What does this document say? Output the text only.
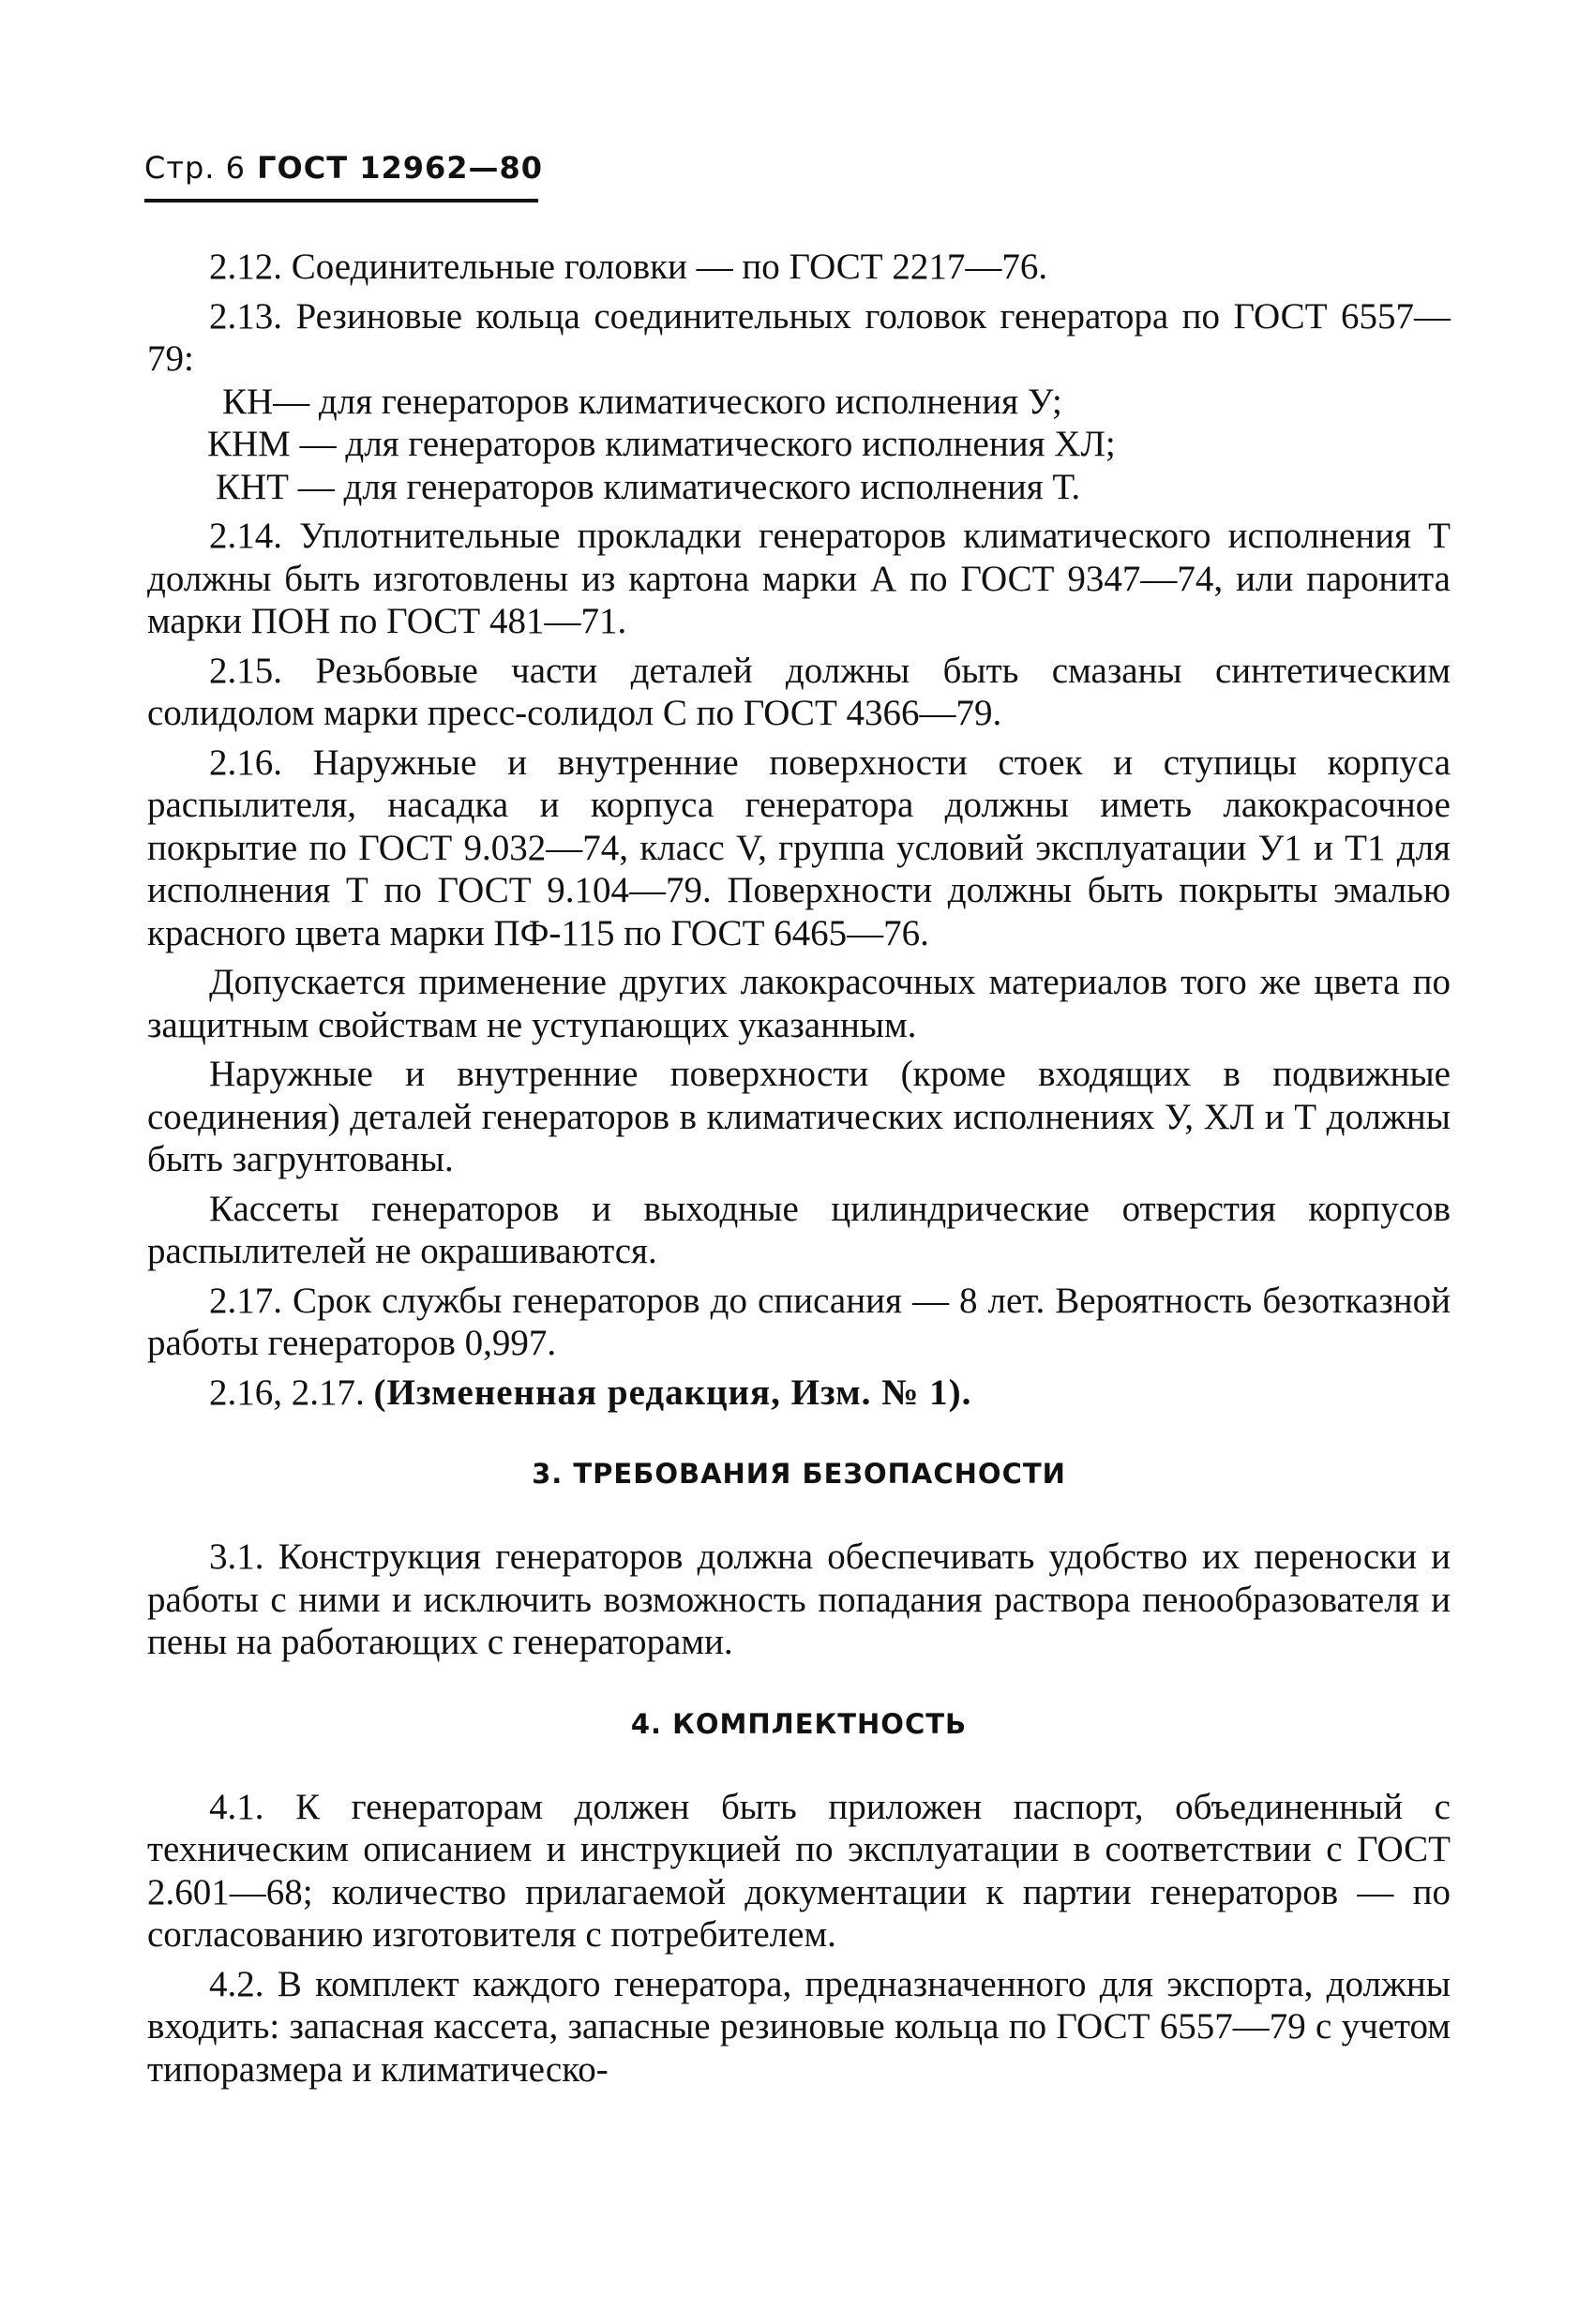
Стр. 6 ГОСТ 12962—80

2.12. Соединительные головки — по ГОСТ 2217—76.

2.13. Резиновые кольца соединительных головок генератора по ГОСТ 6557—79:

КН— для генераторов климатического исполнения У;

КНМ — для генераторов климатического исполнения ХЛ;

КНТ — для генераторов климатического исполнения Т.

2.14. Уплотнительные прокладки генераторов климатического исполнения Т должны быть изготовлены из картона марки А по ГОСТ 9347—74, или паронита марки ПОН по ГОСТ 481—71.

2.15. Резьбовые части деталей должны быть смазаны синтетическим солидолом марки пресс-солидол С по ГОСТ 4366—79.

2.16. Наружные и внутренние поверхности стоек и ступицы корпуса распылителя, насадка и корпуса генератора должны иметь лакокрасочное покрытие по ГОСТ 9.032—74, класс V, группа условий эксплуатации У1 и Т1 для исполнения Т по ГОСТ 9.104—79. Поверхности должны быть покрыты эмалью красного цвета марки ПФ-115 по ГОСТ 6465—76.

Допускается применение других лакокрасочных материалов того же цвета по защитным свойствам не уступающих указанным.

Наружные и внутренние поверхности (кроме входящих в подвижные соединения) деталей генераторов в климатических исполнениях У, ХЛ и Т должны быть загрунтованы.

Кассеты генераторов и выходные цилиндрические отверстия корпусов распылителей не окрашиваются.

2.17. Срок службы генераторов до списания — 8 лет. Вероятность безотказной работы генераторов 0,997.

2.16, 2.17. (Измененная редакция, Изм. № 1).

3. ТРЕБОВАНИЯ БЕЗОПАСНОСТИ

3.1. Конструкция генераторов должна обеспечивать удобство их переноски и работы с ними и исключить возможность попадания раствора пенообразователя и пены на работающих с генераторами.

4. КОМПЛЕКТНОСТЬ

4.1. К генераторам должен быть приложен паспорт, объединенный с техническим описанием и инструкцией по эксплуатации в соответствии с ГОСТ 2.601—68; количество прилагаемой документации к партии генераторов — по согласованию изготовителя с потребителем.

4.2. В комплект каждого генератора, предназначенного для экспорта, должны входить: запасная кассета, запасные резиновые кольца по ГОСТ 6557—79 с учетом типоразмера и климатическо-
